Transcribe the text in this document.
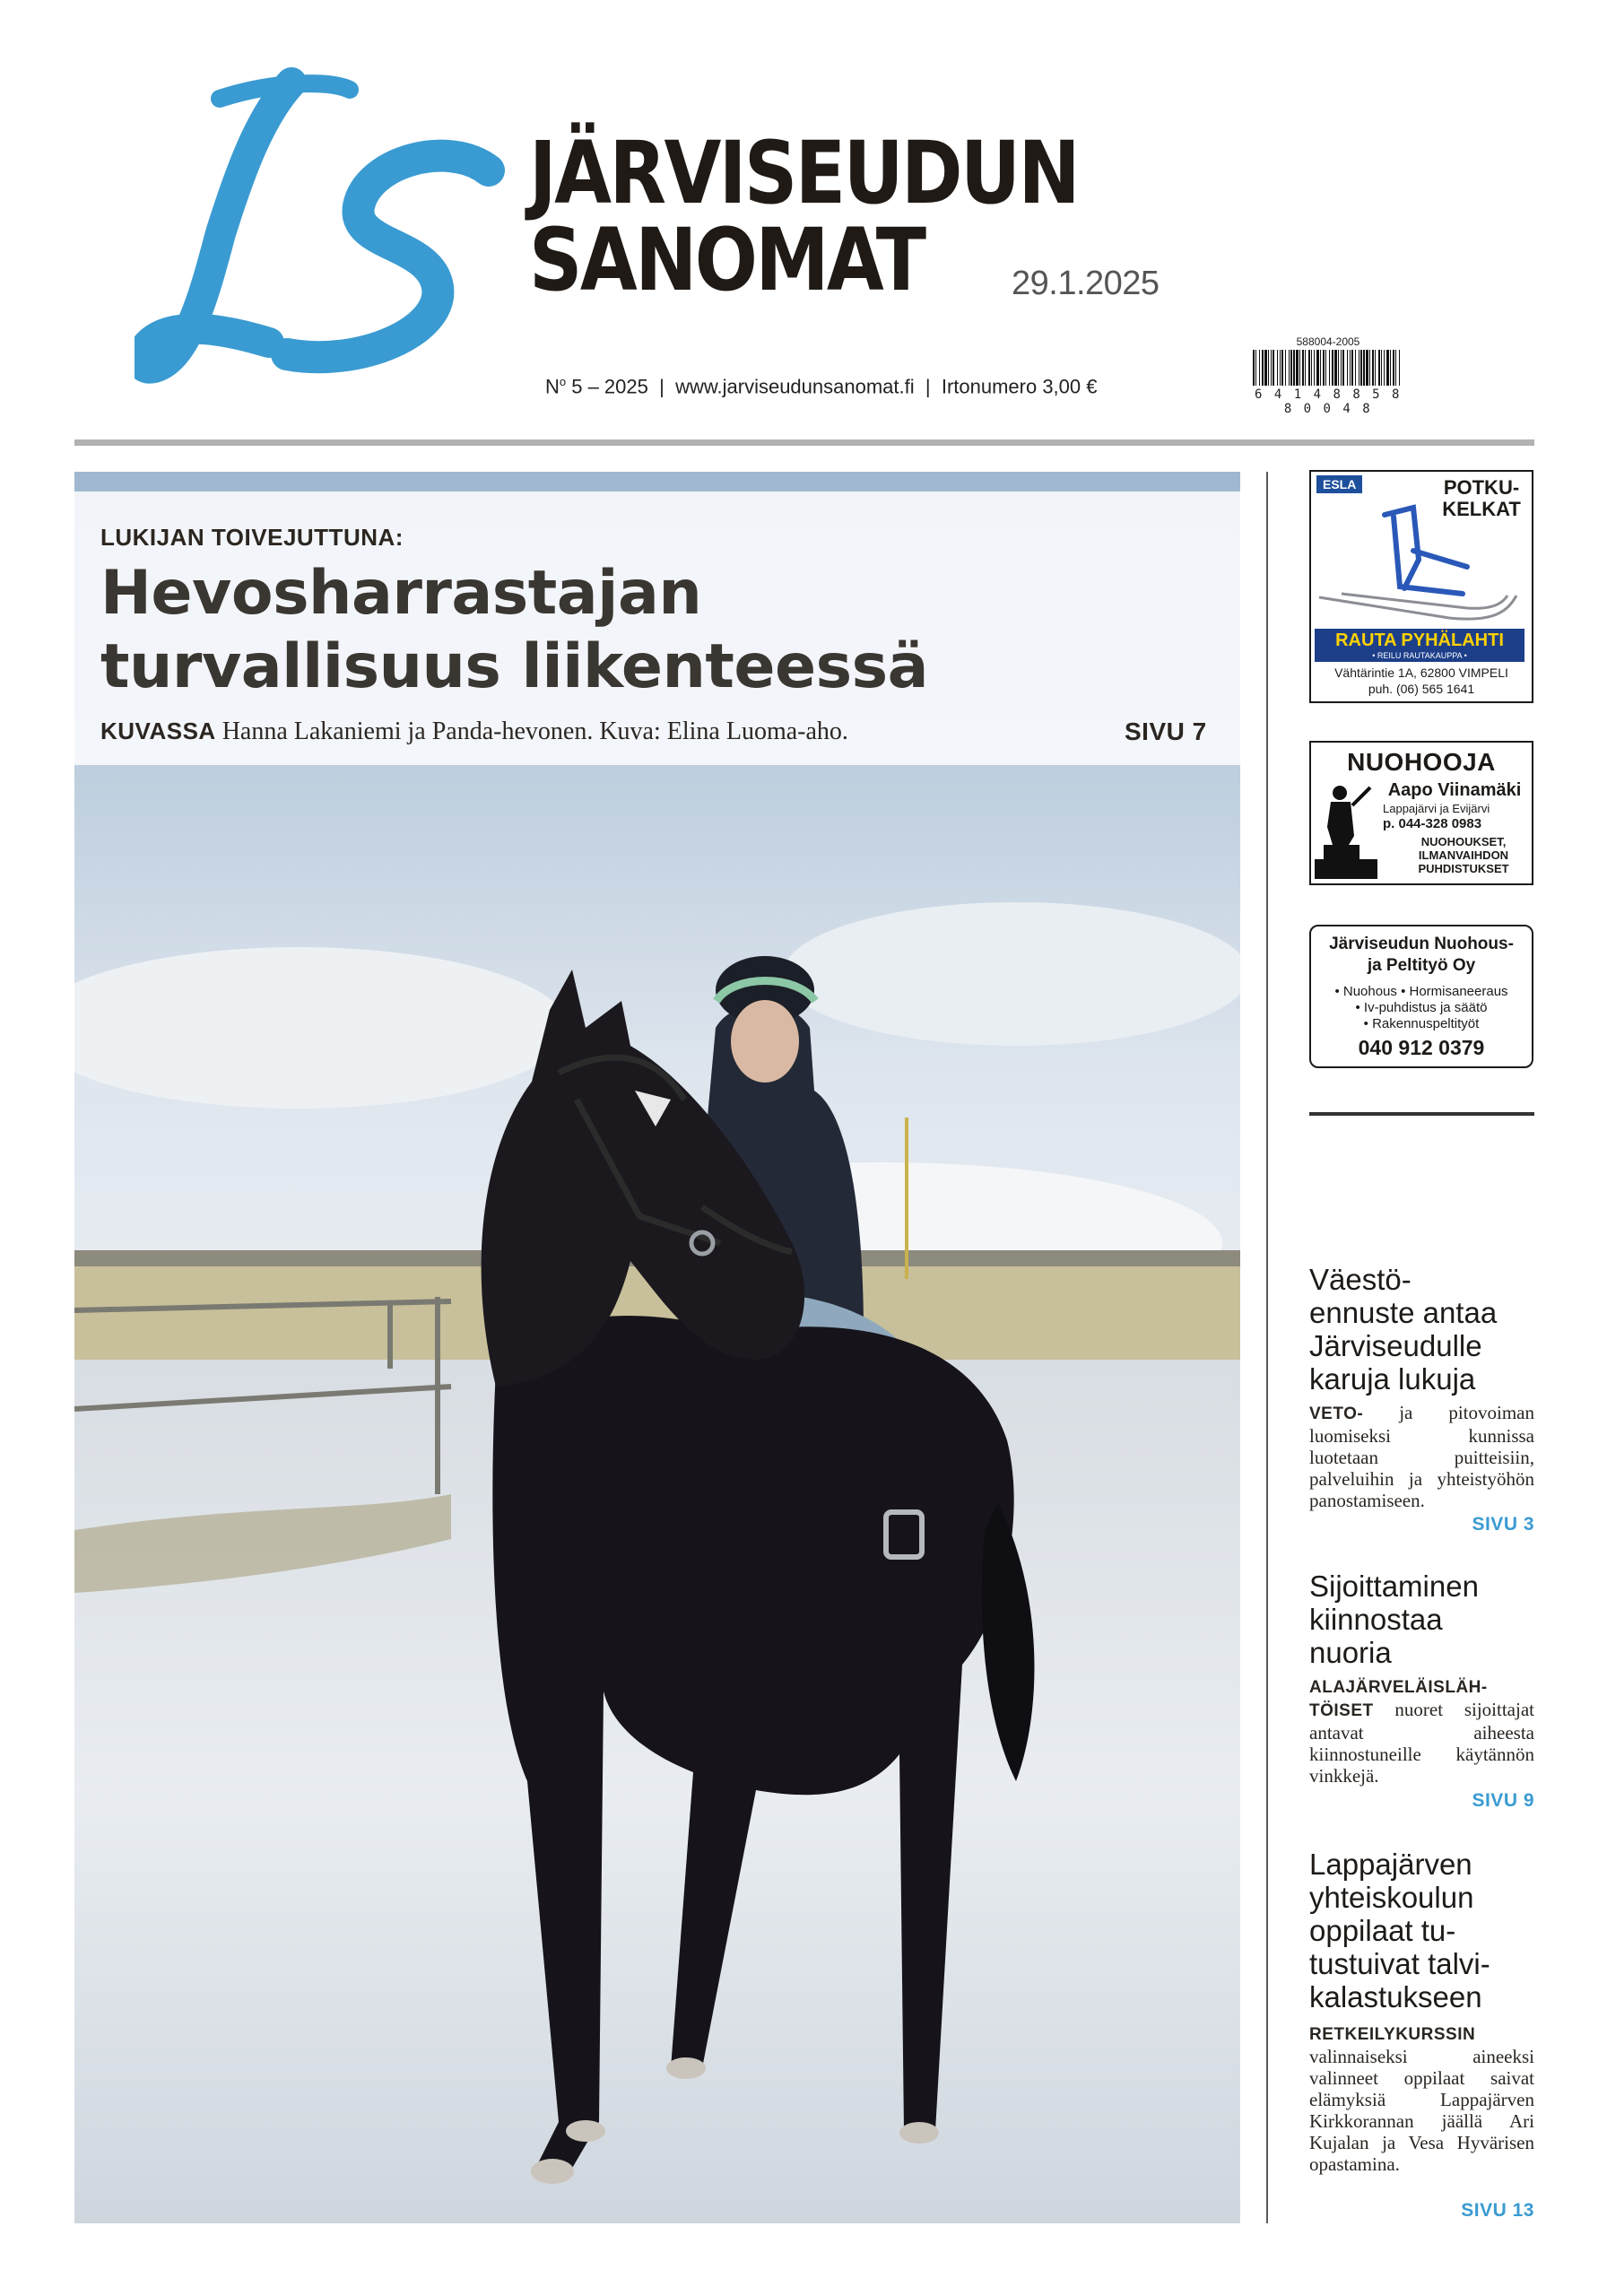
JÄRVISEUDUN
SANOMAT	29.1.2025
$N^o$ 5 – 2025 | www.jarviseudunsanomat.fi | Irtonumero 3,00 €
588004-2005
6 4 1 4 8 8 5 8 8 0 0 4 8
LUKIJAN TOIVEJUTTUNA:
Hevosharrastajan
turvallisuus liikenteessä
KUVASSA Hanna Lakaniemi ja Panda-hevonen. Kuva: Elina Luoma-aho.	SIVU 7
ESLA	POTKU-
KELKAT
RAUTA PYHÄLAHTI
• REILU RAUTAKAUPPA •
Vähtärintie 1A, 62800 VIMPELI
puh. (06) 565 1641
NUOHOOJA
Aapo Viinamäki
Lappajärvi ja Evijärvi
p. 044-328 0983
NUOHOUKSET,
ILMANVAIHDON
PUHDISTUKSET
Järviseudun Nuohous-
ja Peltityö Oy
• Nuohous • Hormisaneeraus
• Iv-puhdistus ja säätö
• Rakennuspeltityöt
040 912 0379
Väestö-
ennuste antaa
Järviseudulle
karuja lukuja
VETO- ja pitovoiman luomiseksi kunnissa luotetaan puitteisiin, palveluihin ja yhteistyöhön panostamiseen.
SIVU 3
Sijoittaminen
kiinnostaa
nuoria
ALAJÄRVELÄISLÄHTÖISET nuoret sijoittajat antavat aiheesta kiinnostuneille käytännön vinkkejä.
SIVU 9
Lappajärven
yhteiskoulun
oppilaat tu-
tustuivat talvi-
kalastukseen
RETKEILYKURSSIN valinnaiseksi aineeksi valinneet oppilaat saivat elämyksiä Lappajärven Kirkkorannan jäällä Ari Kujalan ja Vesa Hyvärisen opastamina.
SIVU 13
